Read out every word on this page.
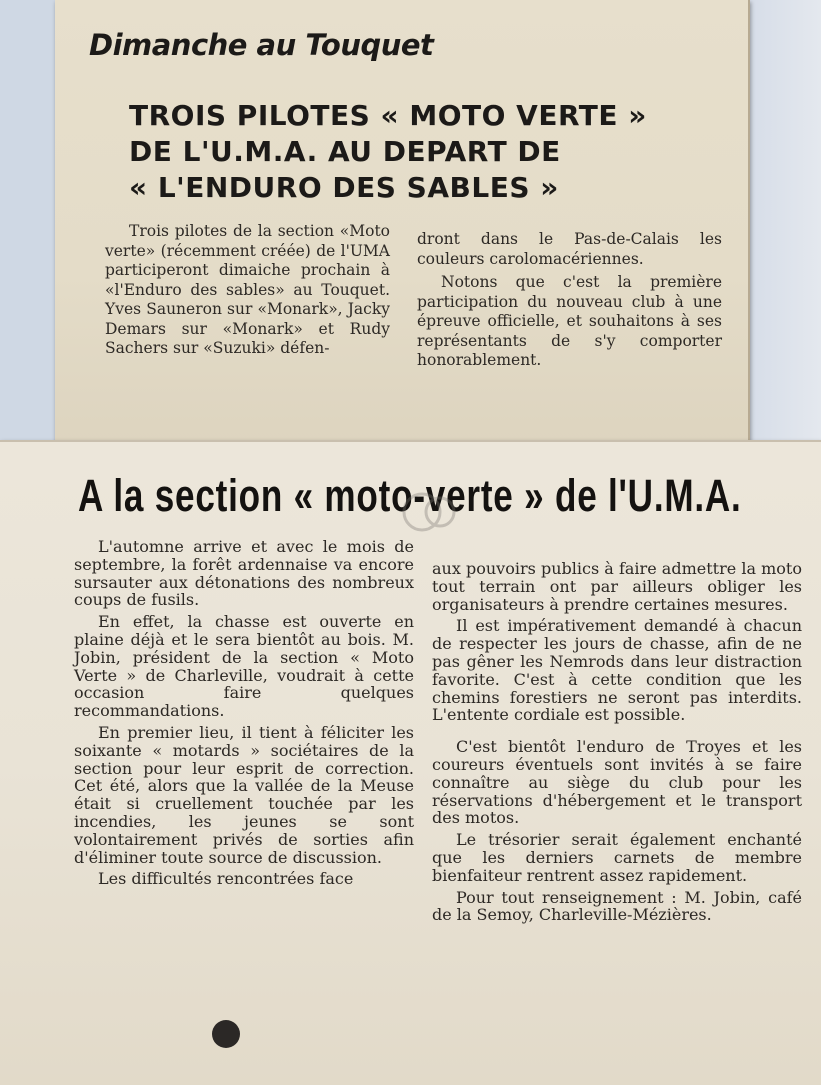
Dimanche au Touquet
TROIS PILOTES « MOTO VERTE »
DE L'U.M.A. AU DEPART DE
« L'ENDURO DES SABLES »

Trois pilotes de la section «Moto verte» (récemment créée) de l'UMA participeront dimaiche prochain à «l'Enduro des sables» au Touquet. Yves Sauneron sur «Monark», Jacky Demars sur «Monark» et Rudy Sachers sur «Suzuki» défen-

dront dans le Pas-de-Calais les couleurs carolomacériennes.

Notons que c'est la première participation du nouveau club à une épreuve officielle, et souhaitons à ses représentants de s'y comporter honorablement.

A la section « moto-verte » de l'U.M.A.

L'automne arrive et avec le mois de septembre, la forêt ardennaise va encore sursauter aux détonations des nombreux coups de fusils.

En effet, la chasse est ouverte en plaine déjà et le sera bientôt au bois. M. Jobin, président de la section « Moto Verte » de Charleville, voudrait à cette occasion faire quelques recommandations.

En premier lieu, il tient à féliciter les soixante « motards » sociétaires de la section pour leur esprit de correction. Cet été, alors que la vallée de la Meuse était si cruellement touchée par les incendies, les jeunes se sont volontairement privés de sorties afin d'éliminer toute source de discussion.

Les difficultés rencontrées face

aux pouvoirs publics à faire admettre la moto tout terrain ont par ailleurs obliger les organisateurs à prendre certaines mesures.

Il est impérativement demandé à chacun de respecter les jours de chasse, afin de ne pas gêner les Nemrods dans leur distraction favorite. C'est à cette condition que les chemins forestiers ne seront pas interdits. L'entente cordiale est possible.

C'est bientôt l'enduro de Troyes et les coureurs éventuels sont invités à se faire connaître au siège du club pour les réservations d'hébergement et le transport des motos.

Le trésorier serait également enchanté que les derniers carnets de membre bienfaiteur rentrent assez rapidement.

Pour tout renseignement : M. Jobin, café de la Semoy, Charleville-Mézières.
